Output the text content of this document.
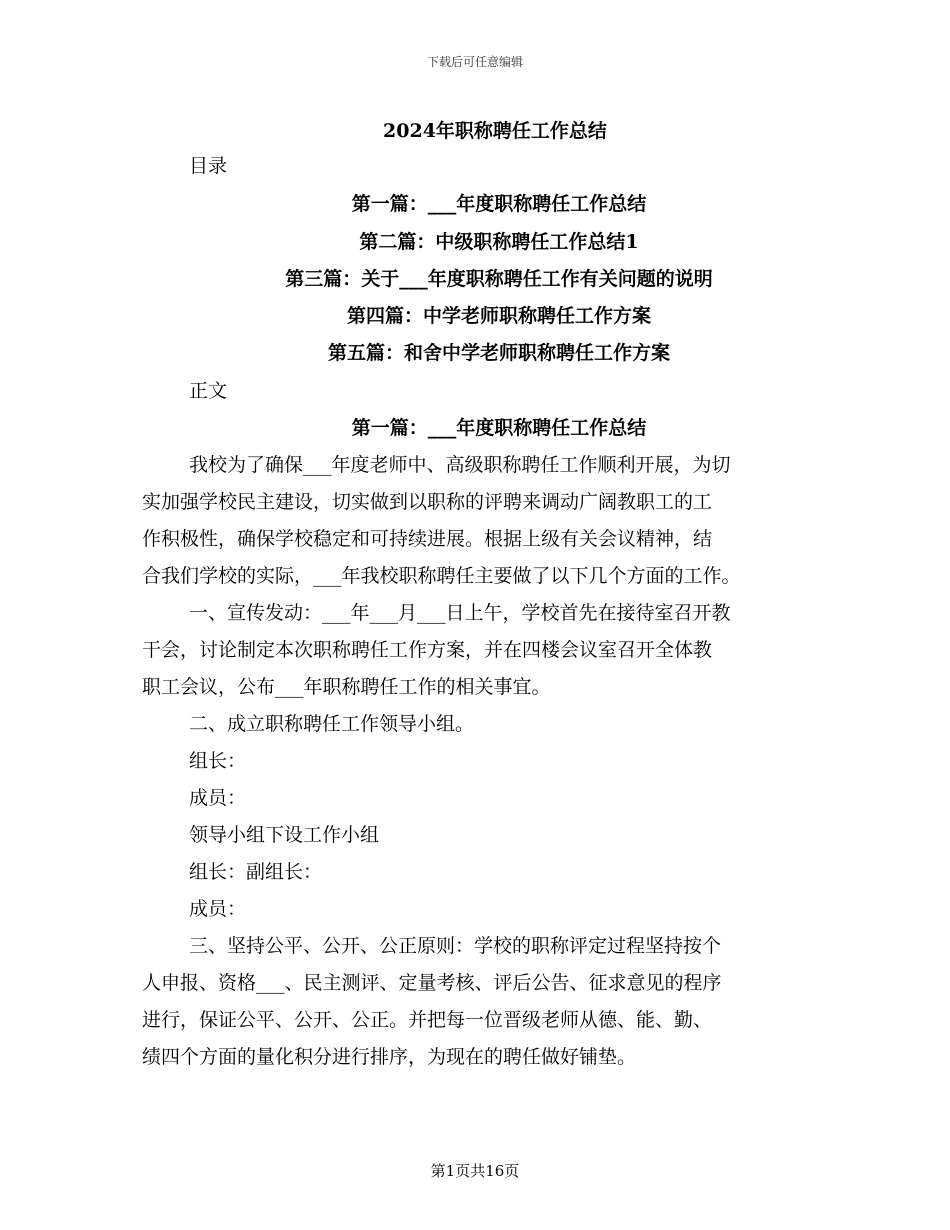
下载后可任意编辑
2024年职称聘任工作总结
目录
第一篇：___年度职称聘任工作总结
第二篇：中级职称聘任工作总结1
第三篇：关于___年度职称聘任工作有关问题的说明
第四篇：中学老师职称聘任工作方案
第五篇：和舍中学老师职称聘任工作方案
正文
第一篇：___年度职称聘任工作总结
我校为了确保___年度老师中、高级职称聘任工作顺利开展，为切
实加强学校民主建设，切实做到以职称的评聘来调动广阔教职工的工
作积极性，确保学校稳定和可持续进展。根据上级有关会议精神，结
合我们学校的实际，___年我校职称聘任主要做了以下几个方面的工作。
一、宣传发动：___年___月___日上午，学校首先在接待室召开教
干会，讨论制定本次职称聘任工作方案，并在四楼会议室召开全体教
职工会议，公布___年职称聘任工作的相关事宜。
二、成立职称聘任工作领导小组。
组长：
成员：
领导小组下设工作小组
组长：副组长：
成员：
三、坚持公平、公开、公正原则：学校的职称评定过程坚持按个
人申报、资格___、民主测评、定量考核、评后公告、征求意见的程序
进行，保证公平、公开、公正。并把每一位晋级老师从德、能、勤、
绩四个方面的量化积分进行排序，为现在的聘任做好铺垫。
第1页共16页
